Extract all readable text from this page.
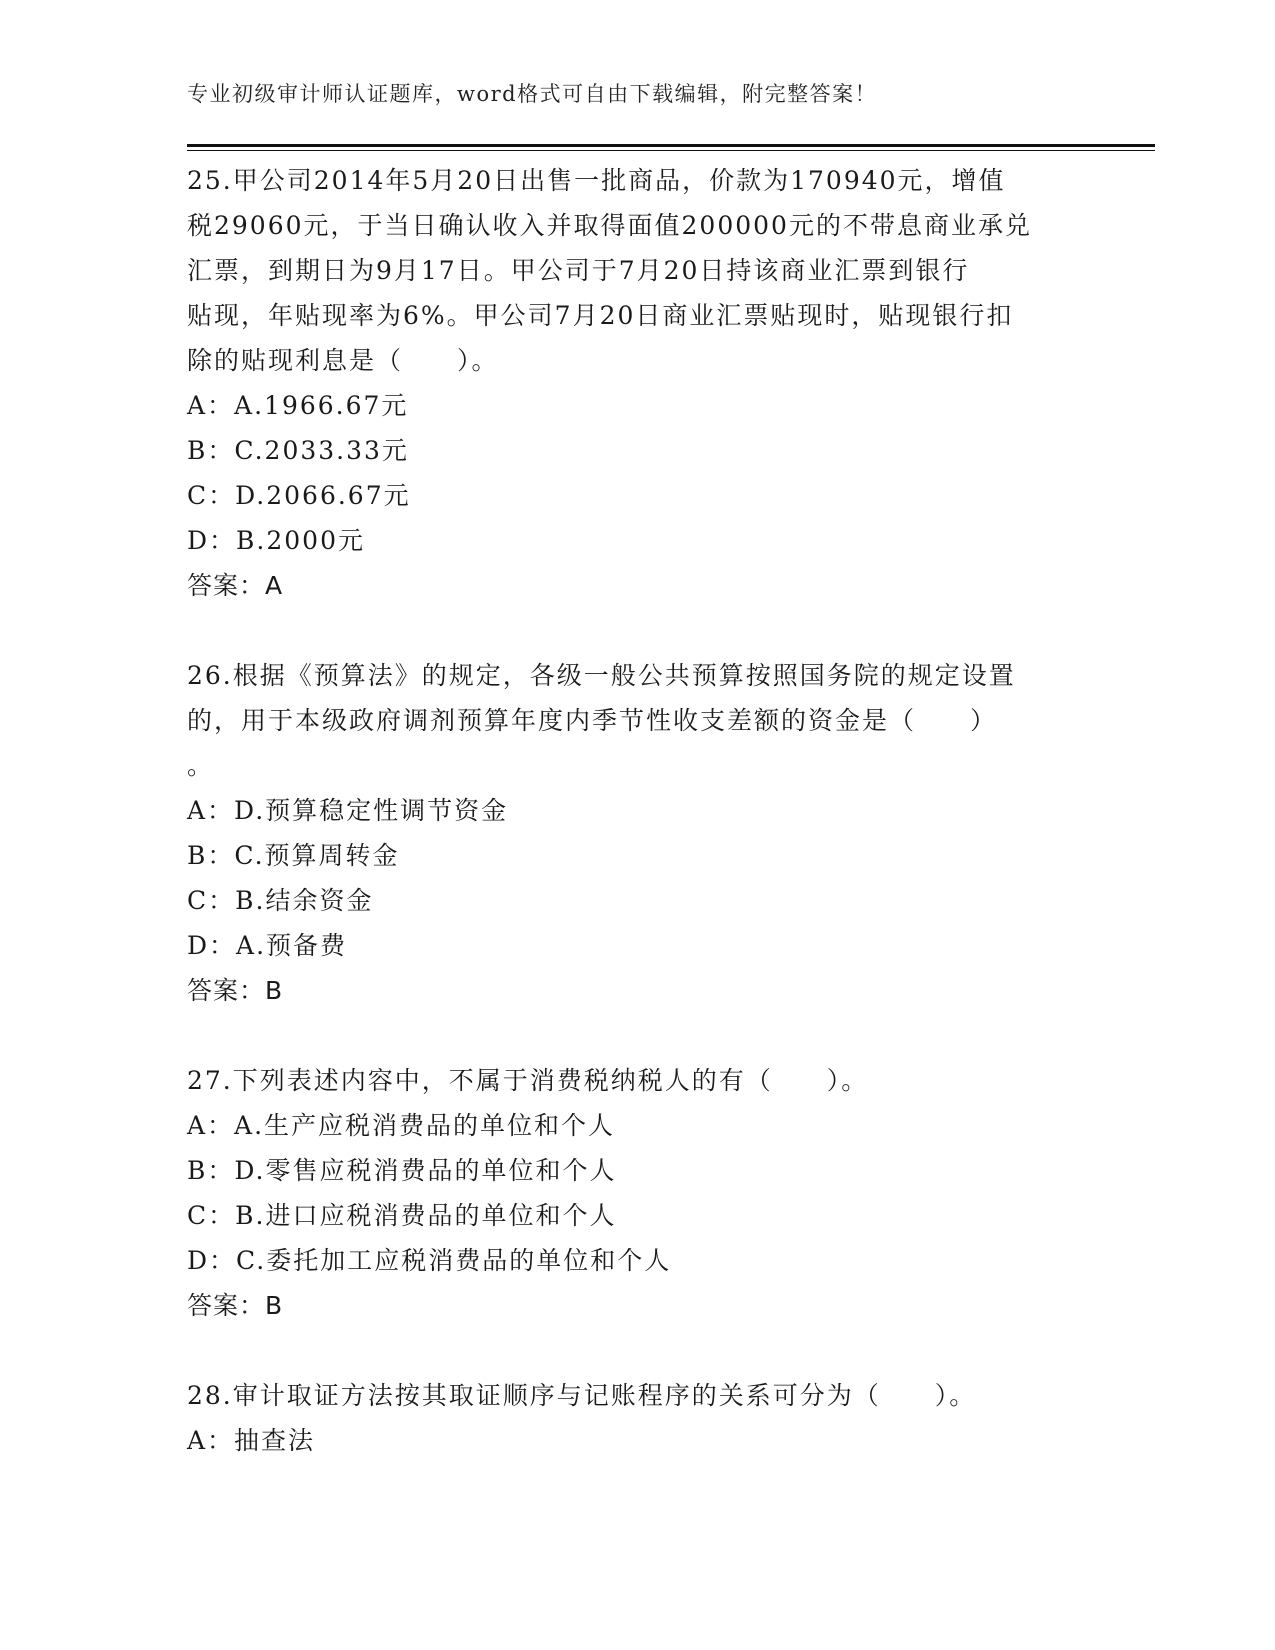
专业初级审计师认证题库，word格式可自由下载编辑，附完整答案！

25.甲公司2014年5月20日出售一批商品，价款为170940元，增值
税29060元，于当日确认收入并取得面值200000元的不带息商业承兑
汇票，到期日为9月17日。甲公司于7月20日持该商业汇票到银行
贴现，年贴现率为6%。甲公司7月20日商业汇票贴现时，贴现银行扣
除的贴现利息是（　　）。

A：A.1966.67元

B：C.2033.33元

C：D.2066.67元

D：B.2000元

答案：A

26.根据《预算法》的规定，各级一般公共预算按照国务院的规定设置
的，用于本级政府调剂预算年度内季节性收支差额的资金是（　　）
。

A：D.预算稳定性调节资金

B：C.预算周转金

C：B.结余资金

D：A.预备费

答案：B

27.下列表述内容中，不属于消费税纳税人的有（　　）。

A：A.生产应税消费品的单位和个人

B：D.零售应税消费品的单位和个人

C：B.进口应税消费品的单位和个人

D：C.委托加工应税消费品的单位和个人

答案：B

28.审计取证方法按其取证顺序与记账程序的关系可分为（　　）。

A：抽查法
